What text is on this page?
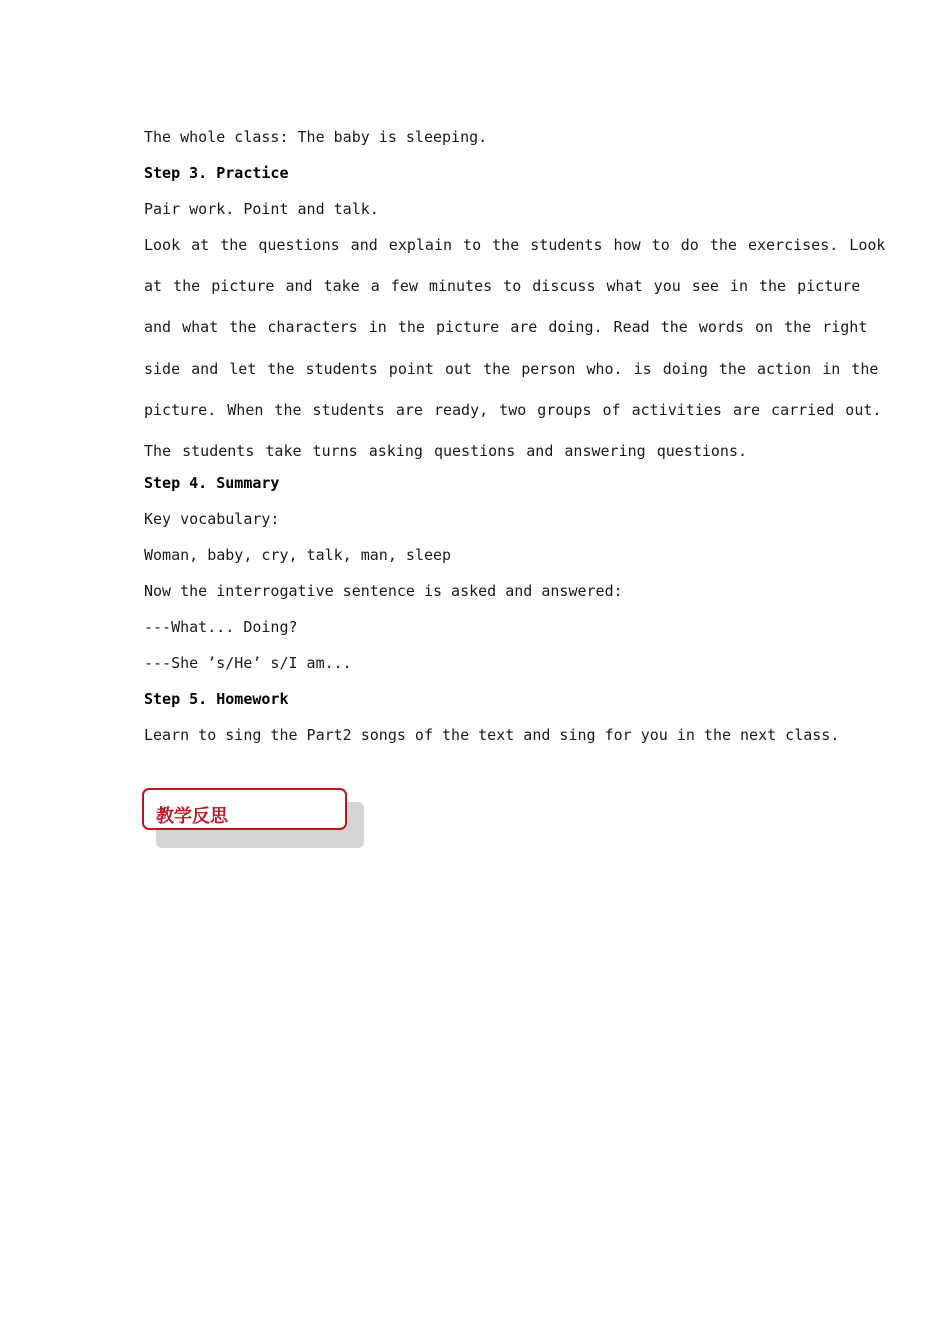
The whole class: The baby is sleeping.
Step 3. Practice
Pair work. Point and talk.
Look at the questions and explain to the students how to do the exercises. Look
at the picture and take a few minutes to discuss what you see in the picture
and what the characters in the picture are doing. Read the words on the right
side and let the students point out the person who. is doing the action in the
picture. When the students are ready, two groups of activities are carried out.
The students take turns asking questions and answering questions.
Step 4. Summary
Key vocabulary:
Woman, baby, cry, talk, man, sleep
Now the interrogative sentence is asked and answered:
---What... Doing?
---She ’s/He’ s/I am...
Step 5. Homework
Learn to sing the Part2 songs of the text and sing for you in the next class.
教学反思
